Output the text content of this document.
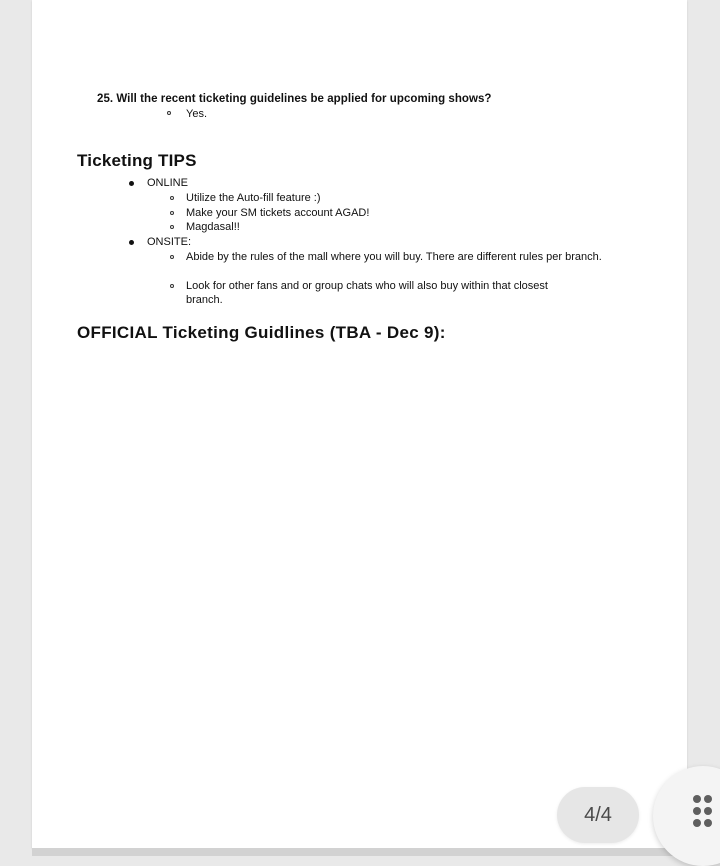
25. Will the recent ticketing guidelines be applied for upcoming shows?
Yes.
Ticketing TIPS
ONLINE
Utilize the Auto-fill feature :)
Make your SM tickets account AGAD!
Magdasal!!
ONSITE:
Abide by the rules of the mall where you will buy. There are different rules per branch.
Look for other fans and or group chats who will also buy within that closest branch.
OFFICIAL Ticketing Guidlines (TBA - Dec 9):
4/4
